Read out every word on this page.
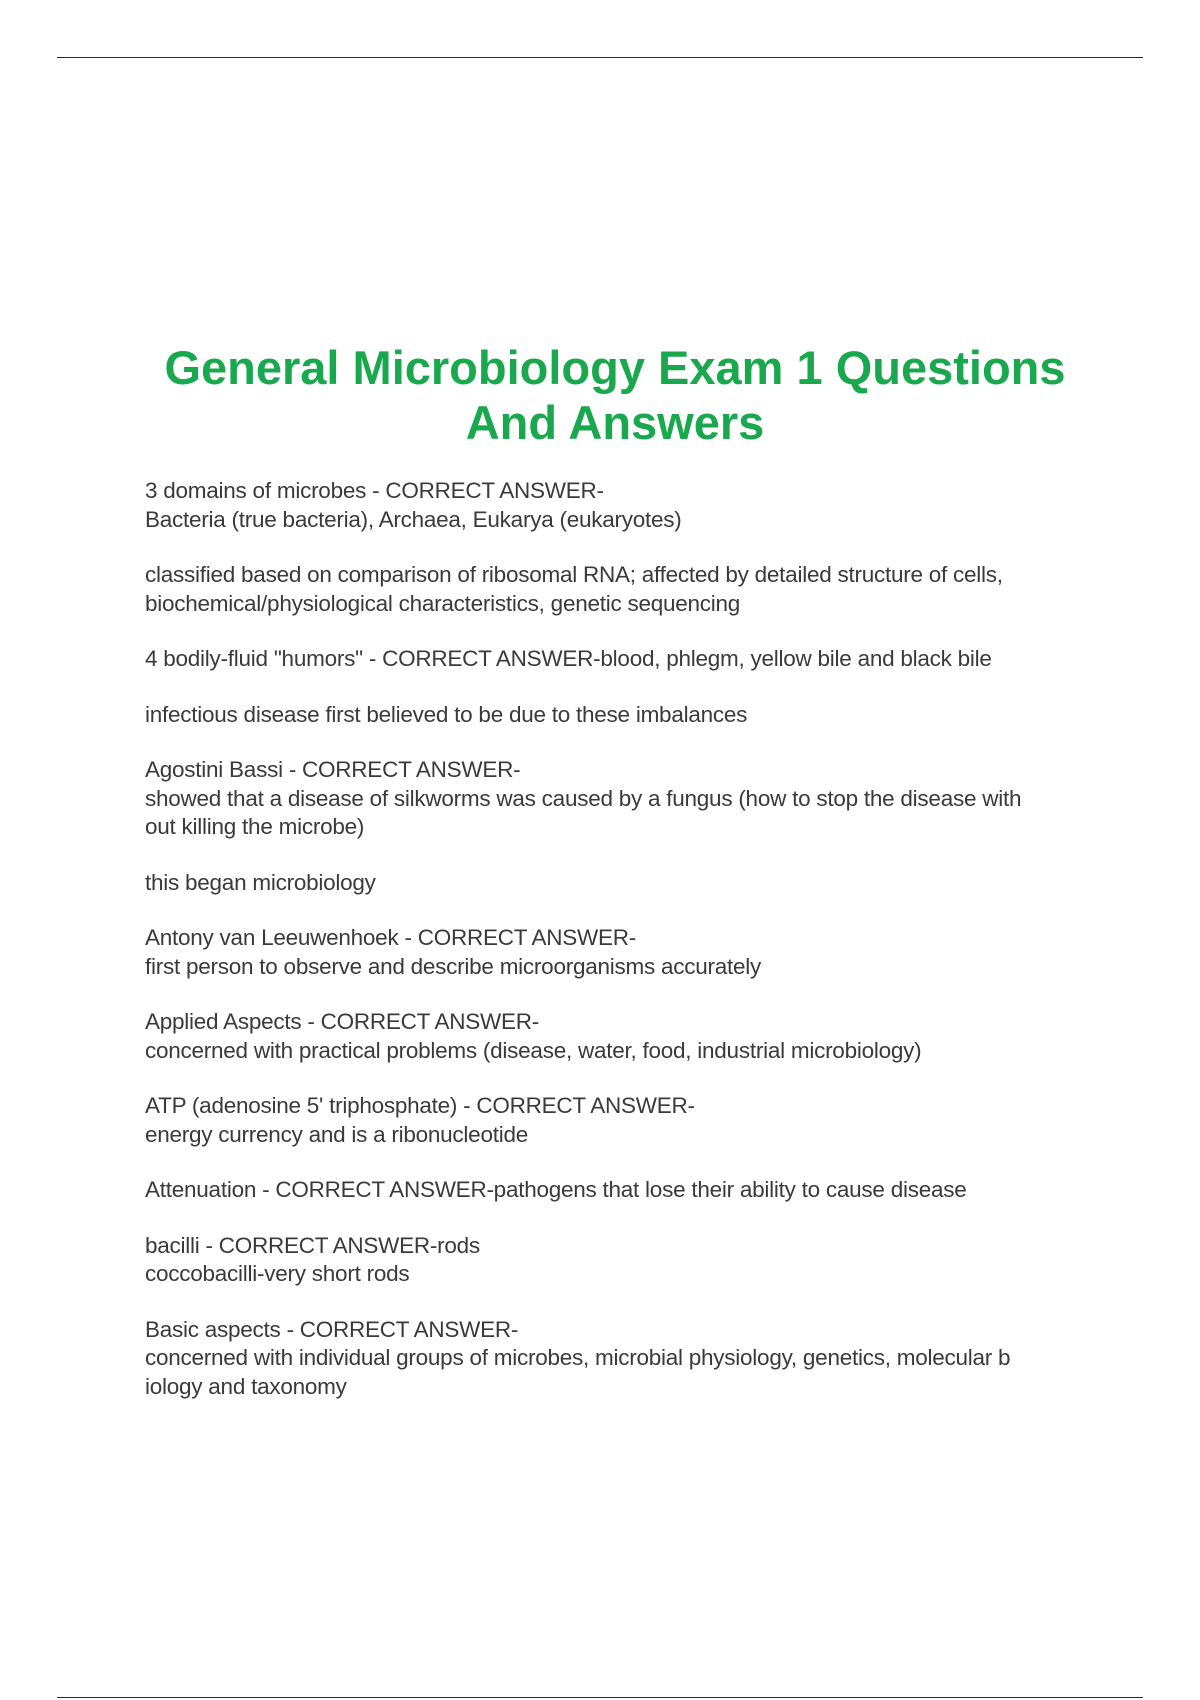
General Microbiology Exam 1 Questions
And Answers

3 domains of microbes - CORRECT ANSWER-
Bacteria (true bacteria), Archaea, Eukarya (eukaryotes)

classified based on comparison of ribosomal RNA; affected by detailed structure of cells,
biochemical/physiological characteristics, genetic sequencing

4 bodily-fluid "humors" - CORRECT ANSWER-blood, phlegm, yellow bile and black bile

infectious disease first believed to be due to these imbalances

Agostini Bassi - CORRECT ANSWER-
showed that a disease of silkworms was caused by a fungus (how to stop the disease with
out killing the microbe)

this began microbiology

Antony van Leeuwenhoek - CORRECT ANSWER-
first person to observe and describe microorganisms accurately

Applied Aspects - CORRECT ANSWER-
concerned with practical problems (disease, water, food, industrial microbiology)

ATP (adenosine 5' triphosphate) - CORRECT ANSWER-
energy currency and is a ribonucleotide

Attenuation - CORRECT ANSWER-pathogens that lose their ability to cause disease

bacilli - CORRECT ANSWER-rods
coccobacilli-very short rods

Basic aspects - CORRECT ANSWER-
concerned with individual groups of microbes, microbial physiology, genetics, molecular b
iology and taxonomy
